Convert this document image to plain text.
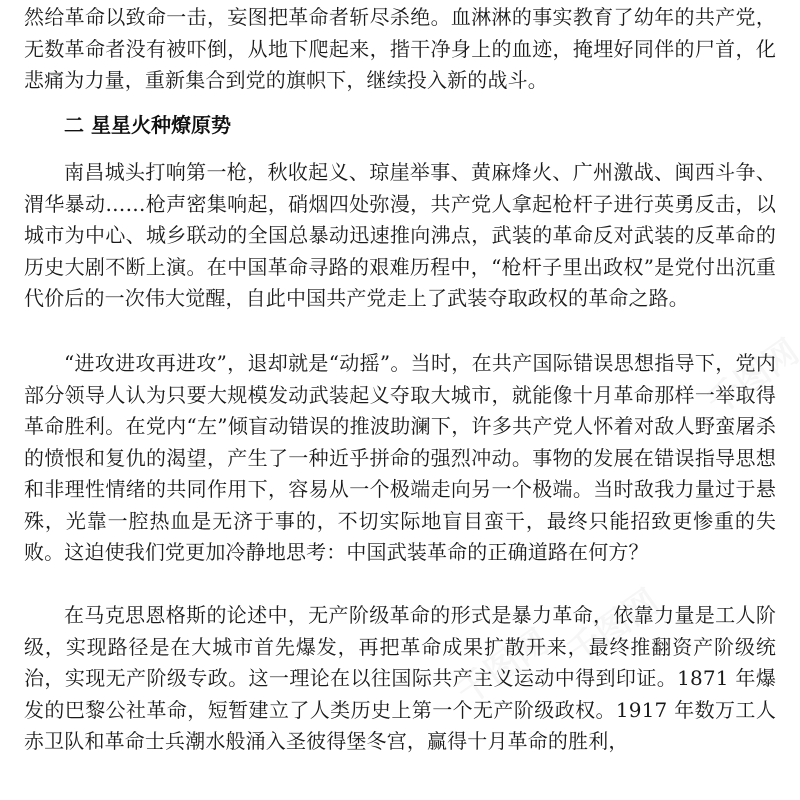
然给革命以致命一击，妄图把革命者斩尽杀绝。血淋淋的事实教育了幼年的共产党，无数革命者没有被吓倒，从地下爬起来，揩干净身上的血迹，掩埋好同伴的尸首，化悲痛为力量，重新集合到党的旗帜下，继续投入新的战斗。

二 星星火种燎原势

南昌城头打响第一枪，秋收起义、琼崖举事、黄麻烽火、广州激战、闽西斗争、渭华暴动……枪声密集响起，硝烟四处弥漫，共产党人拿起枪杆子进行英勇反击，以城市为中心、城乡联动的全国总暴动迅速推向沸点，武装的革命反对武装的反革命的历史大剧不断上演。在中国革命寻路的艰难历程中，“枪杆子里出政权”是党付出沉重代价后的一次伟大觉醒，自此中国共产党走上了武装夺取政权的革命之路。

“进攻进攻再进攻”，退却就是“动摇”。当时，在共产国际错误思想指导下，党内部分领导人认为只要大规模发动武装起义夺取大城市，就能像十月革命那样一举取得革命胜利。在党内“左”倾盲动错误的推波助澜下，许多共产党人怀着对敌人野蛮屠杀的愤恨和复仇的渴望，产生了一种近乎拼命的强烈冲动。事物的发展在错误指导思想和非理性情绪的共同作用下，容易从一个极端走向另一个极端。当时敌我力量过于悬殊，光靠一腔热血是无济于事的，不切实际地盲目蛮干，最终只能招致更惨重的失败。这迫使我们党更加冷静地思考：中国武装革命的正确道路在何方？

在马克思恩格斯的论述中，无产阶级革命的形式是暴力革命，依靠力量是工人阶级，实现路径是在大城市首先爆发，再把革命成果扩散开来，最终推翻资产阶级统治，实现无产阶级专政。这一理论在以往国际共产主义运动中得到印证。1871 年爆发的巴黎公社革命，短暂建立了人类历史上第一个无产阶级政权。1917 年数万工人赤卫队和革命士兵潮水般涌入圣彼得堡冬宫，赢得十月革命的胜利，
